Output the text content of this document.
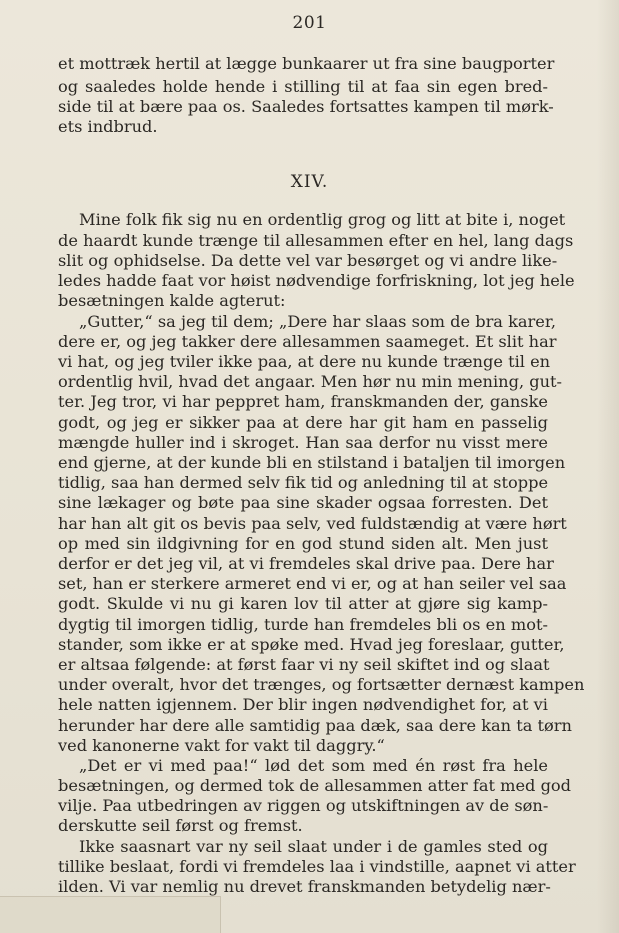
201
et mottræk hertil at lægge bunkaarer ut fra sine baugporter
og saaledes holde hende i stilling til at faa sin egen bred-
side til at bære paa os. Saaledes fortsattes kampen til mørk-
ets indbrud.
XIV.
Mine folk fik sig nu en ordentlig grog og litt at bite i, noget
de haardt kunde trænge til allesammen efter en hel, lang dags
slit og ophidselse. Da dette vel var besørget og vi andre like-
ledes hadde faat vor høist nødvendige forfriskning, lot jeg hele
besætningen kalde agterut:
„Gutter,“ sa jeg til dem; „Dere har slaas som de bra karer,
dere er, og jeg takker dere allesammen saameget. Et slit har
vi hat, og jeg tviler ikke paa, at dere nu kunde trænge til en
ordentlig hvil, hvad det angaar. Men hør nu min mening, gut-
ter. Jeg tror, vi har peppret ham, franskmanden der, ganske
godt, og jeg er sikker paa at dere har git ham en passelig
mængde huller ind i skroget. Han saa derfor nu visst mere
end gjerne, at der kunde bli en stilstand i bataljen til imorgen
tidlig, saa han dermed selv fik tid og anledning til at stoppe
sine lækager og bøte paa sine skader ogsaa forresten. Det
har han alt git os bevis paa selv, ved fuldstændig at være hørt
op med sin ildgivning for en god stund siden alt. Men just
derfor er det jeg vil, at vi fremdeles skal drive paa. Dere har
set, han er sterkere armeret end vi er, og at han seiler vel saa
godt. Skulde vi nu gi karen lov til atter at gjøre sig kamp-
dygtig til imorgen tidlig, turde han fremdeles bli os en mot-
stander, som ikke er at spøke med. Hvad jeg foreslaar, gutter,
er altsaa følgende: at først faar vi ny seil skiftet ind og slaat
under overalt, hvor det trænges, og fortsætter dernæst kampen
hele natten igjennem. Der blir ingen nødvendighet for, at vi
herunder har dere alle samtidig paa dæk, saa dere kan ta tørn
ved kanonerne vakt for vakt til daggry.“
„Det er vi med paa!“ lød det som med én røst fra hele
besætningen, og dermed tok de allesammen atter fat med god
vilje. Paa utbedringen av riggen og utskiftningen av de søn-
derskutte seil først og fremst.
Ikke saasnart var ny seil slaat under i de gamles sted og
tillike beslaat, fordi vi fremdeles laa i vindstille, aapnet vi atter
ilden. Vi var nemlig nu drevet franskmanden betydelig nær-
